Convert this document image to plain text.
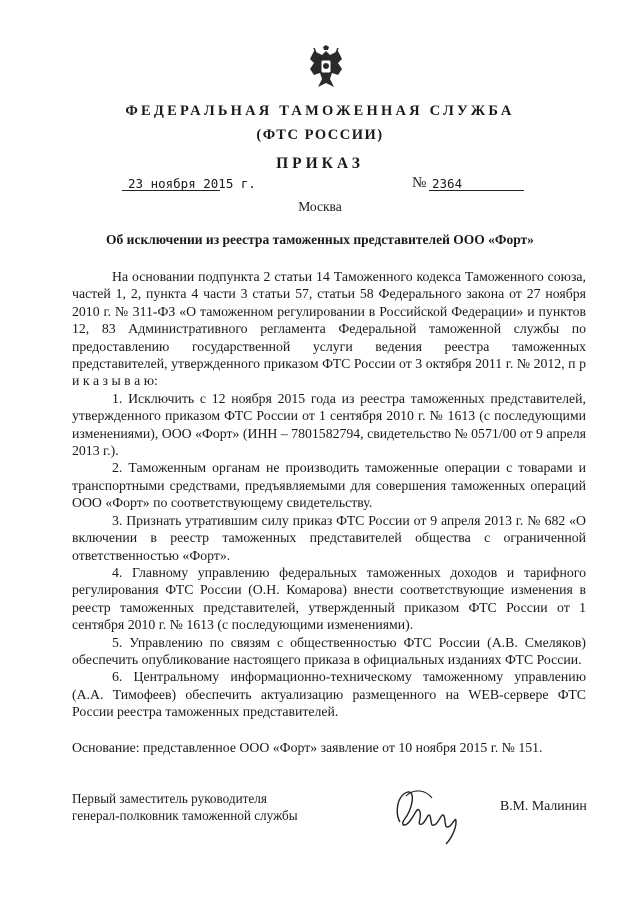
ФЕДЕРАЛЬНАЯ ТАМОЖЕННАЯ СЛУЖБА
(ФТС РОССИИ)
ПРИКАЗ
23 ноября 2015 г.	№ 2364
Москва
Об исключении из реестра таможенных представителей ООО «Форт»

На основании подпункта 2 статьи 14 Таможенного кодекса Таможенного союза, частей 1, 2, пункта 4 части 3 статьи 57, статьи 58 Федерального закона от 27 ноября 2010 г. № 311-ФЗ «О таможенном регулировании в Российской Федерации» и пунктов 12, 83 Административного регламента Федеральной таможенной службы по предоставлению государственной услуги ведения реестра таможенных представителей, утвержденного приказом ФТС России от 3 октября 2011 г. № 2012, п р и к а з ы в а ю:

1. Исключить с 12 ноября 2015 года из реестра таможенных представителей, утвержденного приказом ФТС России от 1 сентября 2010 г. № 1613 (с последующими изменениями), ООО «Форт» (ИНН – 7801582794, свидетельство № 0571/00 от 9 апреля 2013 г.).

2. Таможенным органам не производить таможенные операции с товарами и транспортными средствами, предъявляемыми для совершения таможенных операций ООО «Форт» по соответствующему свидетельству.

3. Признать утратившим силу приказ ФТС России от 9 апреля 2013 г. № 682 «О включении в реестр таможенных представителей общества с ограниченной ответственностью «Форт».

4. Главному управлению федеральных таможенных доходов и тарифного регулирования ФТС России (О.Н. Комарова) внести соответствующие изменения в реестр таможенных представителей, утвержденный приказом ФТС России от 1 сентября 2010 г. № 1613 (с последующими изменениями).

5. Управлению по связям с общественностью ФТС России (А.В. Смеляков) обеспечить опубликование настоящего приказа в официальных изданиях ФТС России.

6. Центральному информационно-техническому таможенному управлению (А.А. Тимофеев) обеспечить актуализацию размещенного на WEB-сервере ФТС России реестра таможенных представителей.

Основание: представленное ООО «Форт» заявление от 10 ноября 2015 г. № 151.
Первый заместитель руководителя
генерал-полковник таможенной службы
В.М. Малинин
